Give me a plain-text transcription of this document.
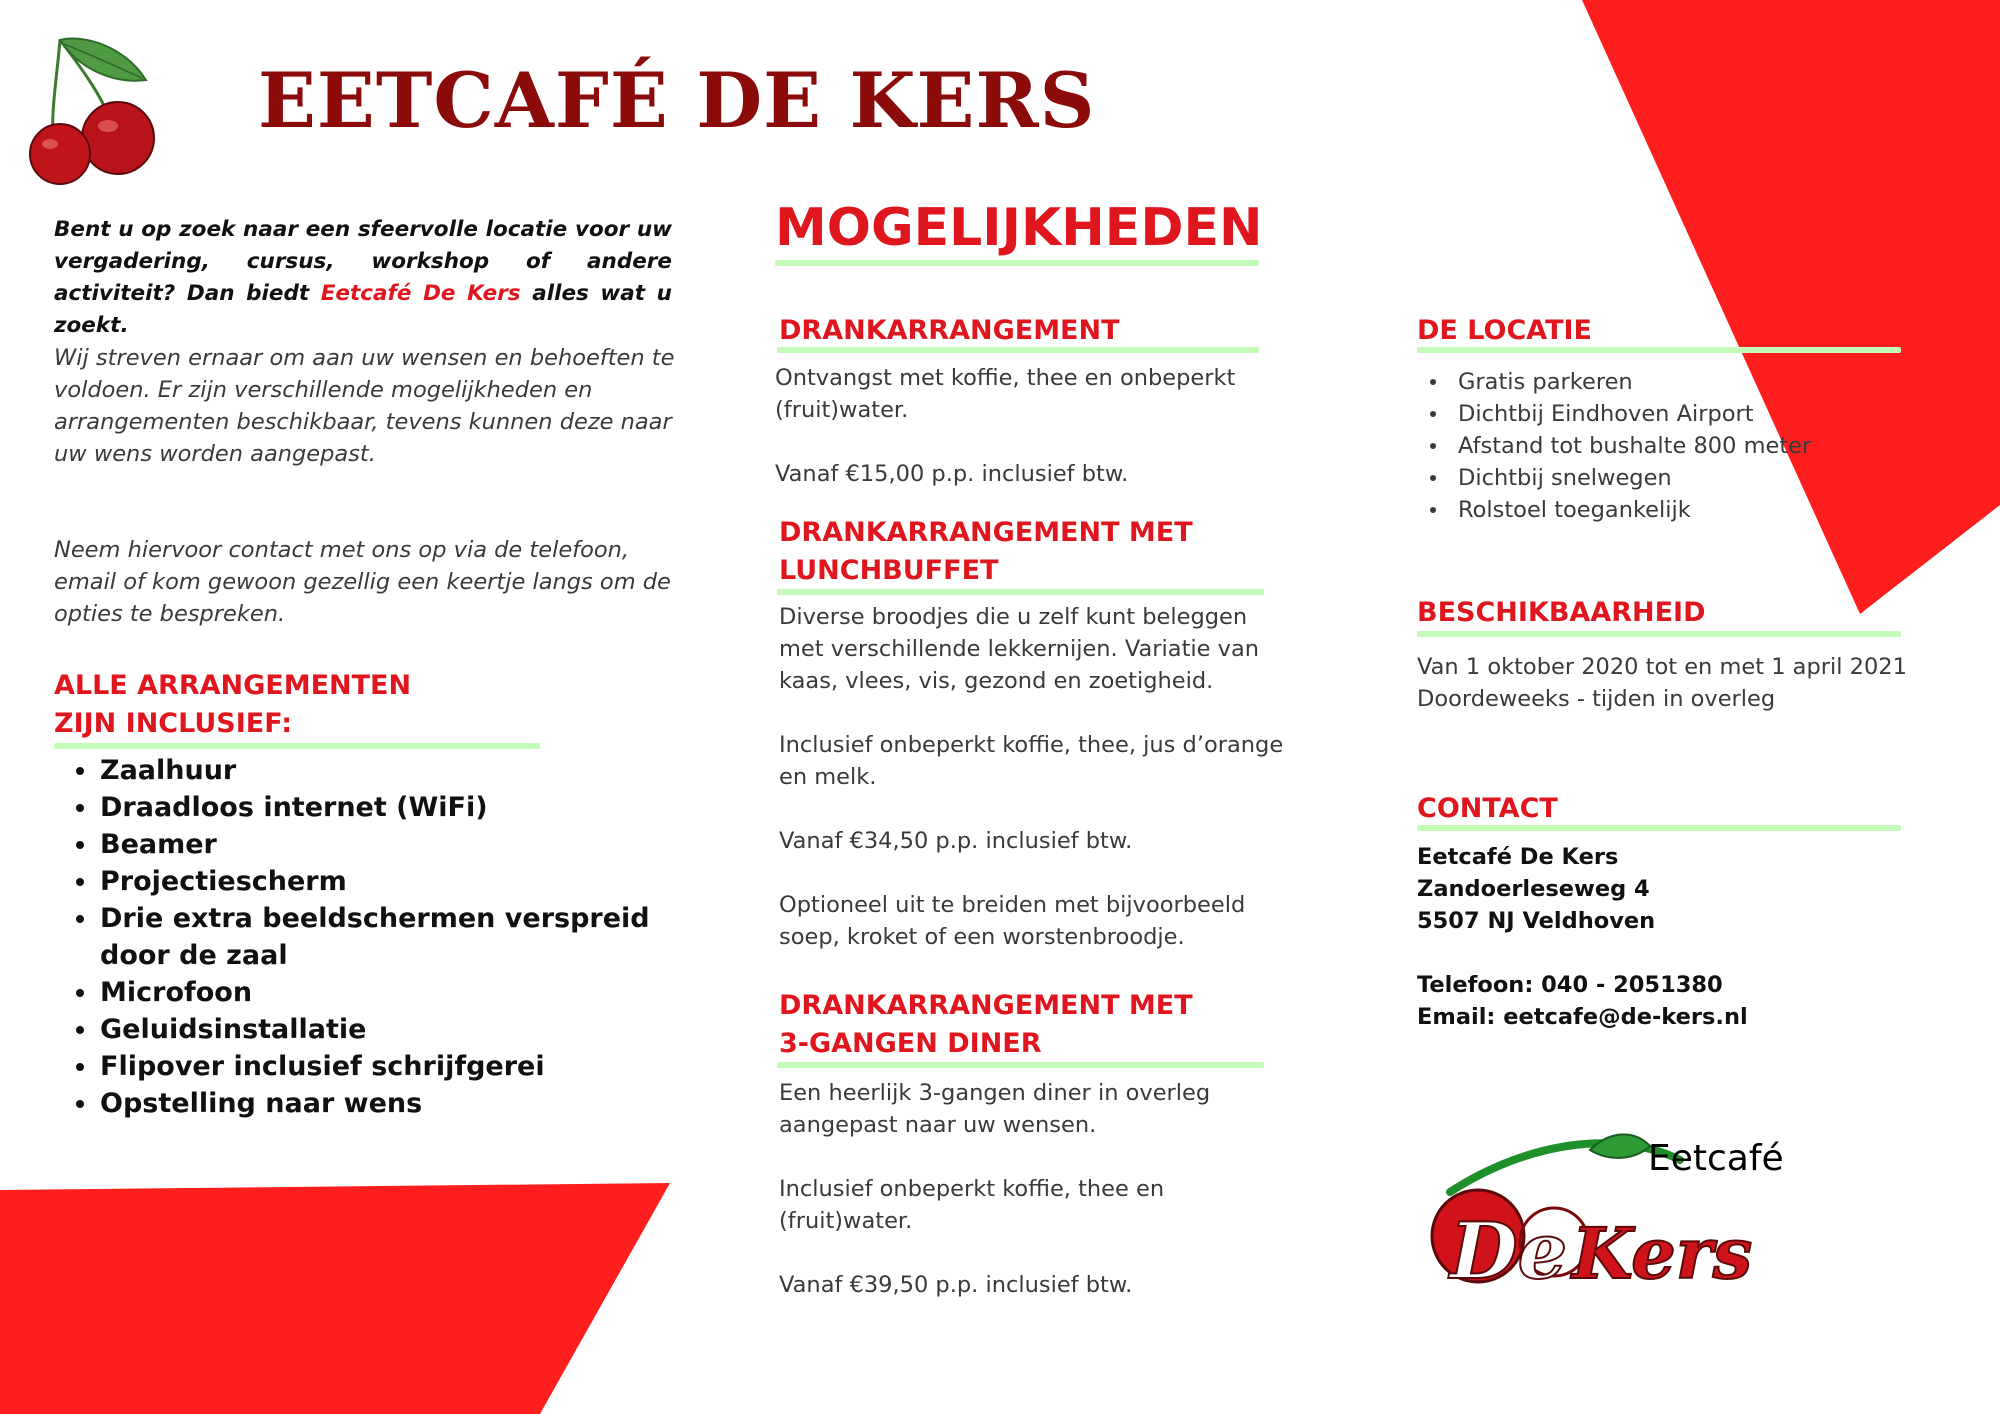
EETCAFÉ DE KERS

Bent u op zoek naar een sfeervolle locatie voor uw vergadering, cursus, workshop of andere activiteit? Dan biedt Eetcafé De Kers alles wat u zoekt.

Wij streven ernaar om aan uw wensen en behoeften te voldoen. Er zijn verschillende mogelijkheden en arrangementen beschikbaar, tevens kunnen deze naar uw wens worden aangepast.

Neem hiervoor contact met ons op via de telefoon, email of kom gewoon gezellig een keertje langs om de opties te bespreken.

ALLE ARRANGEMENTEN
ZIJN INCLUSIEF:
Zaalhuur
Draadloos internet (WiFi)
Beamer
Projectiescherm
Drie extra beeldschermen verspreid door de zaal
Microfoon
Geluidsinstallatie
Flipover inclusief schrijfgerei
Opstelling naar wens
MOGELIJKHEDEN
DRANKARRANGEMENT

Ontvangst met koffie, thee en onbeperkt
(fruit)water.

Vanaf €15,00 p.p. inclusief btw.

DRANKARRANGEMENT MET
LUNCHBUFFET

Diverse broodjes die u zelf kunt beleggen
met verschillende lekkernijen. Variatie van
kaas, vlees, vis, gezond en zoetigheid.

Inclusief onbeperkt koffie, thee, jus d’orange
en melk.

Vanaf €34,50 p.p. inclusief btw.

Optioneel uit te breiden met bijvoorbeeld
soep, kroket of een worstenbroodje.

DRANKARRANGEMENT MET
3-GANGEN DINER

Een heerlijk 3-gangen diner in overleg
aangepast naar uw wensen.

Inclusief onbeperkt koffie, thee en
(fruit)water.

Vanaf €39,50 p.p. inclusief btw.

DE LOCATIE
Gratis parkeren
Dichtbij Eindhoven Airport
Afstand tot bushalte 800 meter
Dichtbij snelwegen
Rolstoel toegankelijk
BESCHIKBAARHEID

Van 1 oktober 2020 tot en met 1 april 2021
Doordeweeks - tijden in overleg

CONTACT

Eetcafé De Kers
Zandoerleseweg 4
5507 NJ Veldhoven

Telefoon: 040 - 2051380
Email: eetcafe@de-kers.nl

Eetcafé
De Kers
